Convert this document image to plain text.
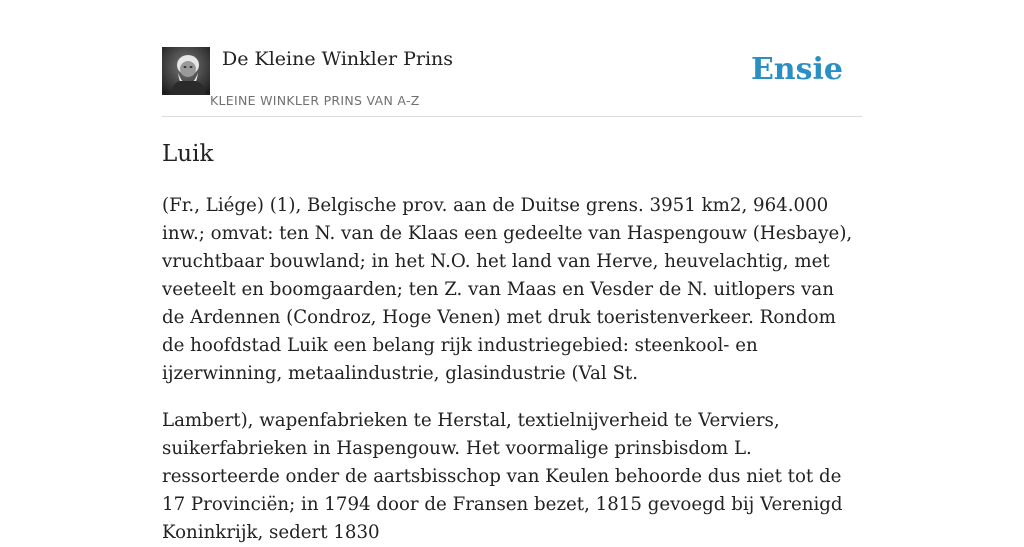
De Kleine Winkler Prins
KLEINE WINKLER PRINS VAN A-Z
Ensie
Luik

(Fr., Liége) (1), Belgische prov. aan de Duitse grens. 3951 km2, 964.000 inw.; omvat: ten N. van de Klaas een gedeelte van Haspengouw (Hesbaye), vruchtbaar bouwland; in het N.O. het land van Herve, heuvelachtig, met veeteelt en boomgaarden; ten Z. van Maas en Vesder de N. uitlopers van de Ardennen (Condroz, Hoge Venen) met druk toeristenverkeer. Rondom de hoofdstad Luik een belang rijk industriegebied: steenkool- en ijzerwinning, metaalindustrie, glasindustrie (Val St.

Lambert), wapenfabrieken te Herstal, textielnijverheid te Verviers, suikerfabrieken in Haspengouw. Het voormalige prinsbisdom L. ressorteerde onder de aartsbisschop van Keulen behoorde dus niet tot de 17 Provinciën; in 1794 door de Fransen bezet, 1815 gevoegd bij Verenigd Koninkrijk, sedert 1830
